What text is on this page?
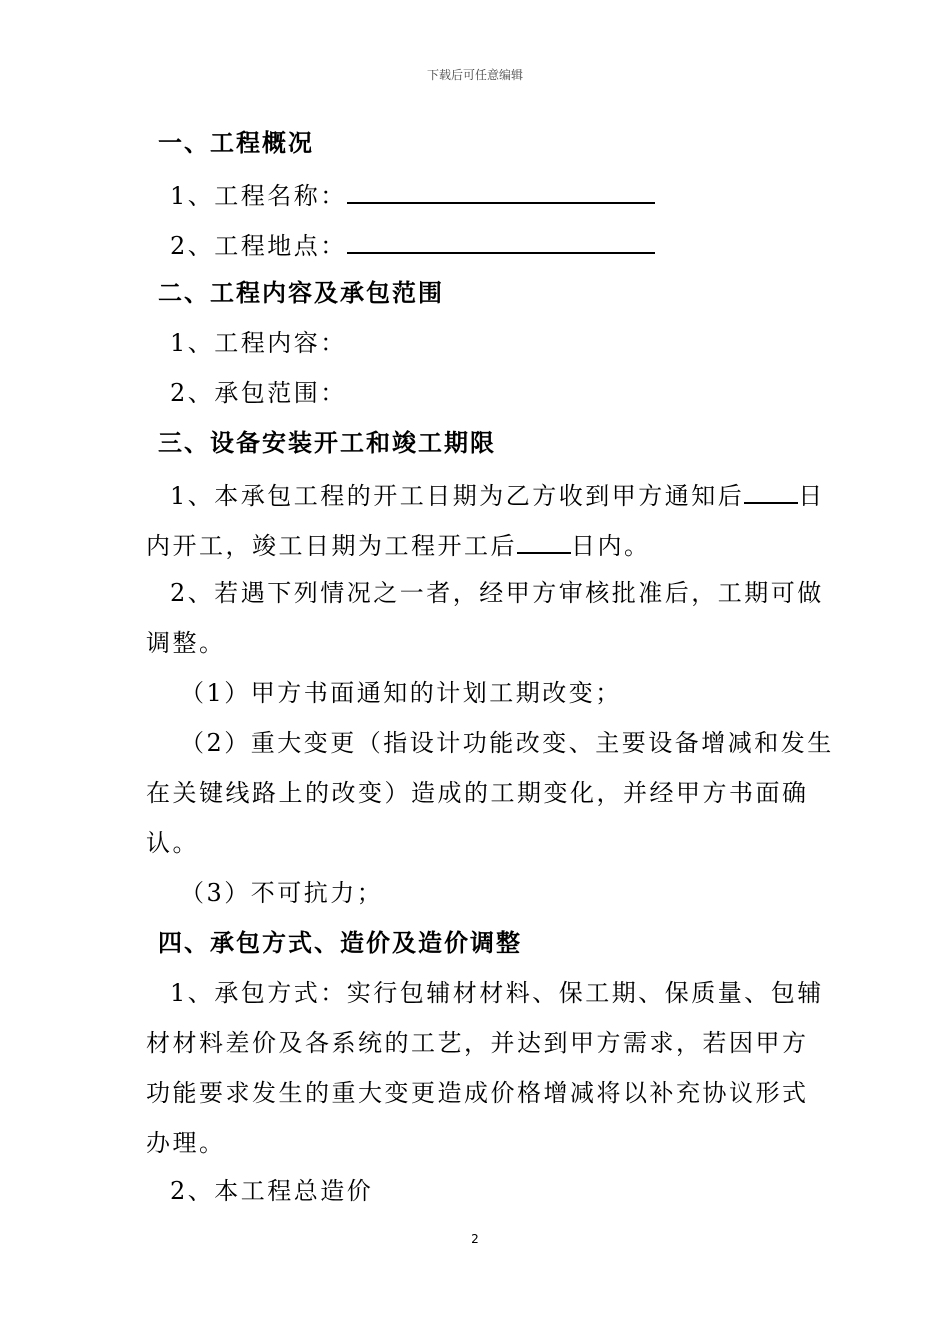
下载后可任意编辑
一、工程概况
1、工程名称：
2、工程地点：
二、工程内容及承包范围
1、工程内容：
2、承包范围：
三、设备安装开工和竣工期限
1、本承包工程的开工日期为乙方收到甲方通知后 日
内开工，竣工日期为工程开工后 日内。
2、若遇下列情况之一者，经甲方审核批准后，工期可做
调整。
（1）甲方书面通知的计划工期改变；
（2）重大变更（指设计功能改变、主要设备增减和发生
在关键线路上的改变）造成的工期变化，并经甲方书面确
认。
（3）不可抗力；
四、承包方式、造价及造价调整
1、承包方式：实行包辅材材料、保工期、保质量、包辅
材材料差价及各系统的工艺，并达到甲方需求，若因甲方
功能要求发生的重大变更造成价格增减将以补充协议形式
办理。
2、本工程总造价
2
